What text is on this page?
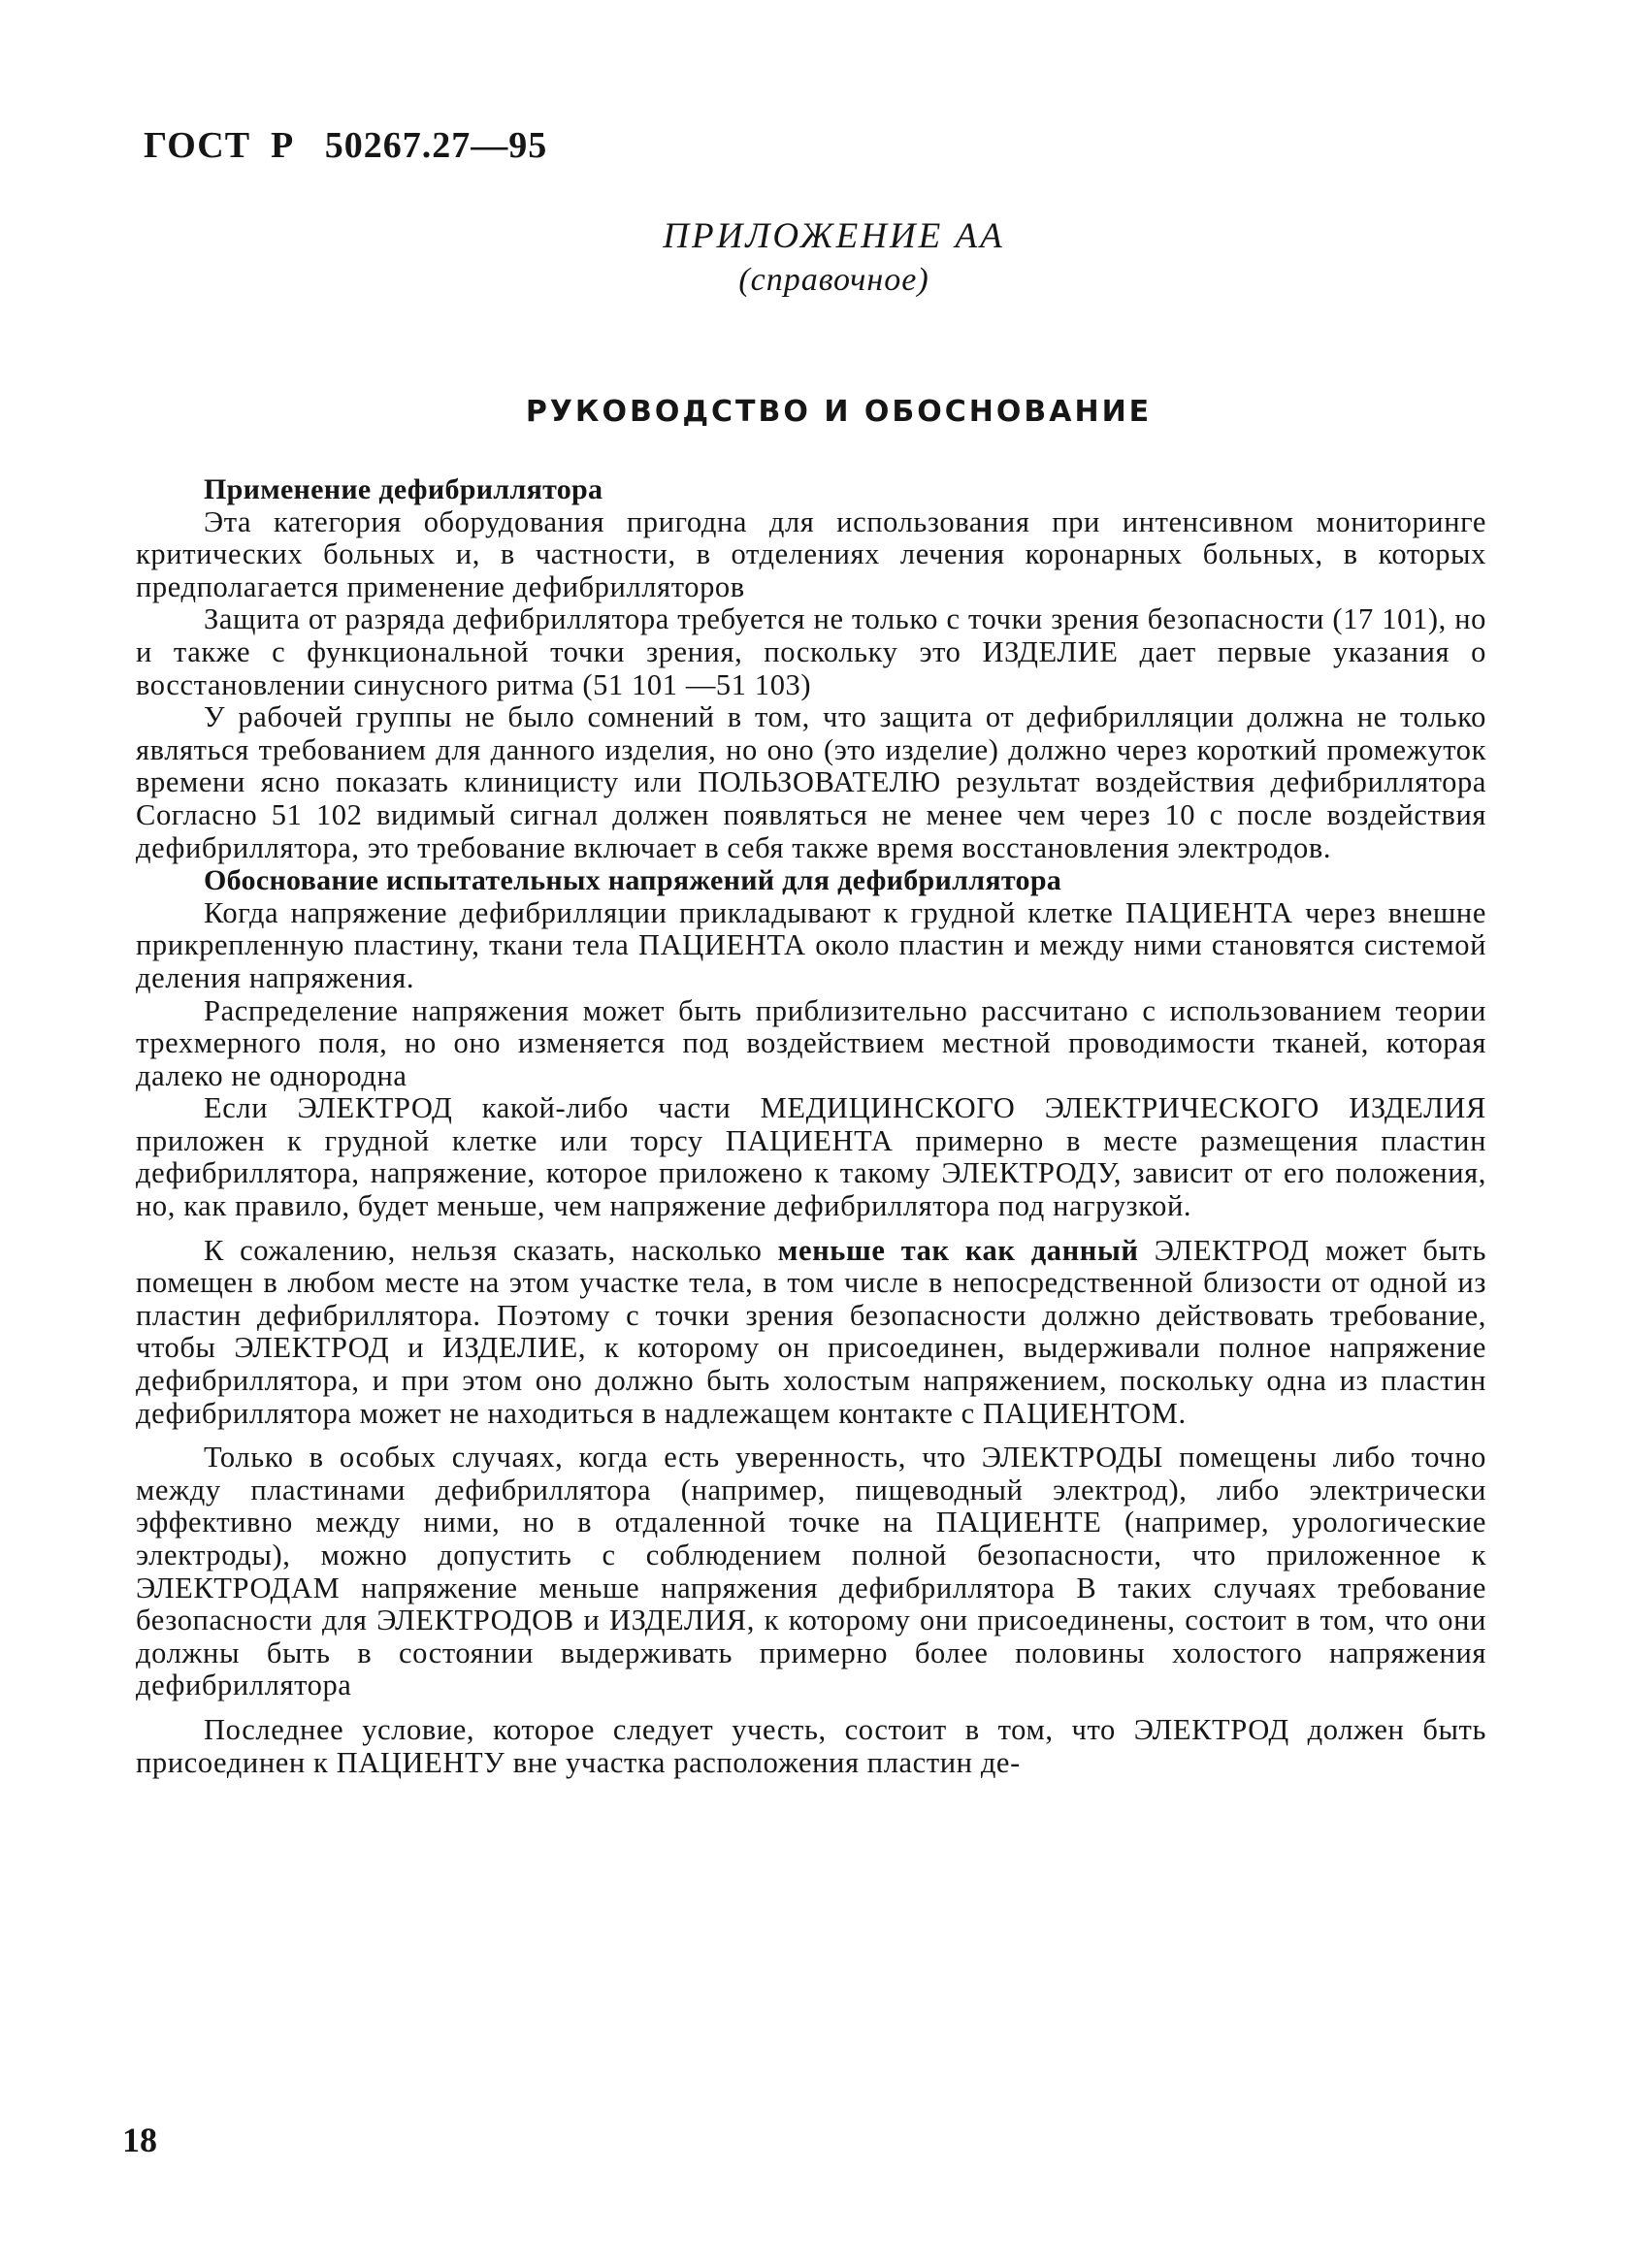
ГОСТ  Р   50267.27—95
ПРИЛОЖЕНИЕ АА
(справочное)
РУКОВОДСТВО И ОБОСНОВАНИЕ
Применение дефибриллятора

Эта категория оборудования пригодна для использования при интенсивном мониторинге критических больных и, в частности, в отделениях лечения коронарных больных, в которых предполагается применение дефибрилляторов

Защита от разряда дефибриллятора требуется не только с точки зрения безопасности (17 101), но и также с функциональной точки зрения, поскольку это ИЗДЕЛИЕ дает первые указания о восстановлении синусного ритма (51 101 —51 103)

У рабочей группы не было сомнений в том, что защита от дефибрилляции должна не только являться требованием для данного изделия, но оно (это изделие) должно через короткий промежуток времени ясно показать клиницисту или ПОЛЬЗОВАТЕЛЮ результат воздействия дефибриллятора Согласно 51 102 видимый сигнал должен появляться не менее чем через 10 с после воздействия дефибриллятора, это требование включает в себя также время восстановления электродов.

Обоснование испытательных напряжений для дефибриллятора

Когда напряжение дефибрилляции прикладывают к грудной клетке ПАЦИЕНТА через внешне прикрепленную пластину, ткани тела ПАЦИЕНТА около пластин и между ними становятся системой деления напряжения.

Распределение напряжения может быть приблизительно рассчитано с использованием теории трехмерного поля, но оно изменяется под воздействием местной проводимости тканей, которая далеко не однородна

Если ЭЛЕКТРОД какой-либо части МЕДИЦИНСКОГО ЭЛЕКТРИЧЕСКОГО ИЗДЕЛИЯ приложен к грудной клетке или торсу ПАЦИЕНТА примерно в месте размещения пластин дефибриллятора, напряжение, которое приложено к такому ЭЛЕКТРОДУ, зависит от его положения, но, как правило, будет меньше, чем напряжение дефибриллятора под нагрузкой.

К сожалению, нельзя сказать, насколько меньше так как данный ЭЛЕКТРОД может быть помещен в любом месте на этом участке тела, в том числе в непосредственной близости от одной из пластин дефибриллятора. Поэтому с точки зрения безопасности должно действовать требование, чтобы ЭЛЕКТРОД и ИЗДЕЛИЕ, к которому он присоединен, выдерживали полное напряжение дефибриллятора, и при этом оно должно быть холостым напряжением, поскольку одна из пластин дефибриллятора может не находиться в надлежащем контакте с ПАЦИЕНТОМ.

Только в особых случаях, когда есть уверенность, что ЭЛЕКТРОДЫ помещены либо точно между пластинами дефибриллятора (например, пищеводный электрод), либо электрически эффективно между ними, но в отдаленной точке на ПАЦИЕНТЕ (например, урологические электроды), можно допустить с соблюдением полной безопасности, что приложенное к ЭЛЕКТРОДАМ напряжение меньше напряжения дефибриллятора В таких случаях требование безопасности для ЭЛЕКТРОДОВ и ИЗДЕЛИЯ, к которому они присоединены, состоит в том, что они должны быть в состоянии выдерживать примерно более половины холостого напряжения дефибриллятора

Последнее условие, которое следует учесть, состоит в том, что ЭЛЕКТРОД должен быть присоединен к ПАЦИЕНТУ вне участка расположения пластин де-

18
